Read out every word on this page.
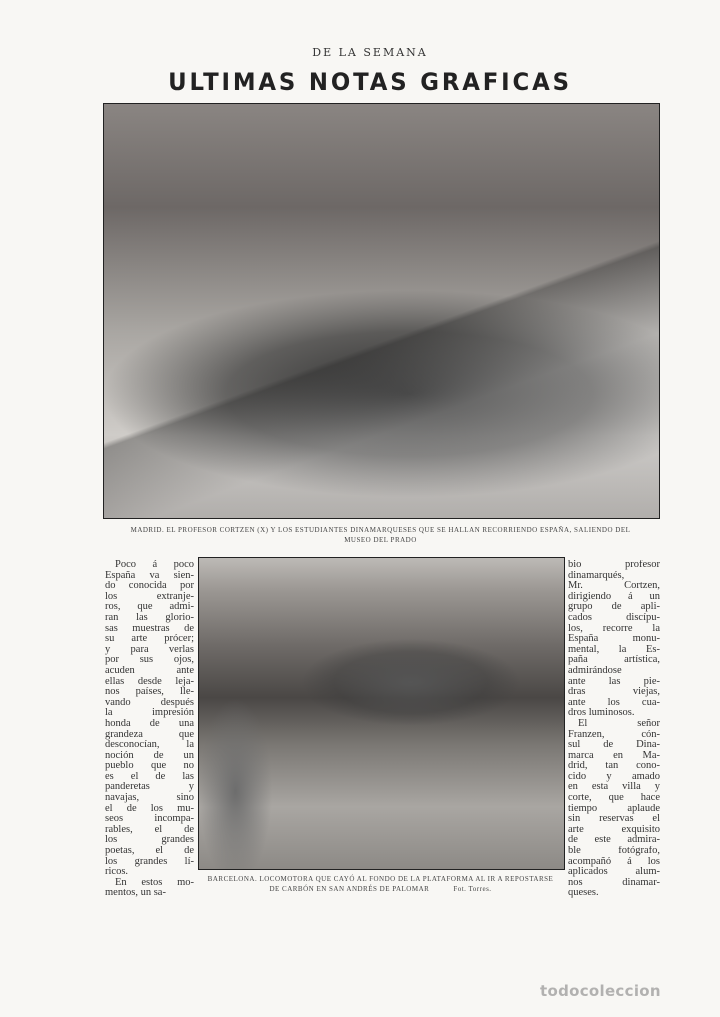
DE LA SEMANA
ULTIMAS NOTAS GRAFICAS
MADRID. EL PROFESOR CORTZEN (X) Y LOS ESTUDIANTES DINAMARQUESES QUE SE HALLAN RECORRIENDO ESPAÑA, SALIENDO DEL
MUSEO DEL PRADO
Poco á poco
España va sien-
do conocida por
los extranje-
ros, que admi-
ran las glorio-
sas muestras de
su arte prócer;
y para verlas
por sus ojos,
acuden ante
ellas desde leja-
nos países, lle-
vando después
la impresión
honda de una
grandeza que
desconocían, la
noción de un
pueblo que no
es el de las
panderetas y
navajas, sino
el de los mu-
seos incompa-
rables, el de
los grandes
poetas, el de
los grandes lí-
ricos.
En estos mo-
mentos, un sa-
BARCELONA. LOCOMOTORA QUE CAYÓ AL FONDO DE LA PLATAFORMA AL IR A REPOSTARSE
DE CARBÓN EN SAN ANDRÉS DE PALOMAR	Fot. Torres.
bio profesor
dinamarqués,
Mr. Cortzen,
dirigiendo á un
grupo de apli-
cados discípu-
los, recorre la
España monu-
mental, la Es-
paña artística,
admirándose
ante las pie-
dras viejas,
ante los cua-
dros luminosos.
El señor
Franzen, cón-
sul de Dina-
marca en Ma-
drid, tan cono-
cido y amado
en esta villa y
corte, que hace
tiempo aplaude
sin reservas el
arte exquisito
de este admira-
ble fotógrafo,
acompañó á los
aplicados alum-
nos dinamar-
queses.
todocoleccion
